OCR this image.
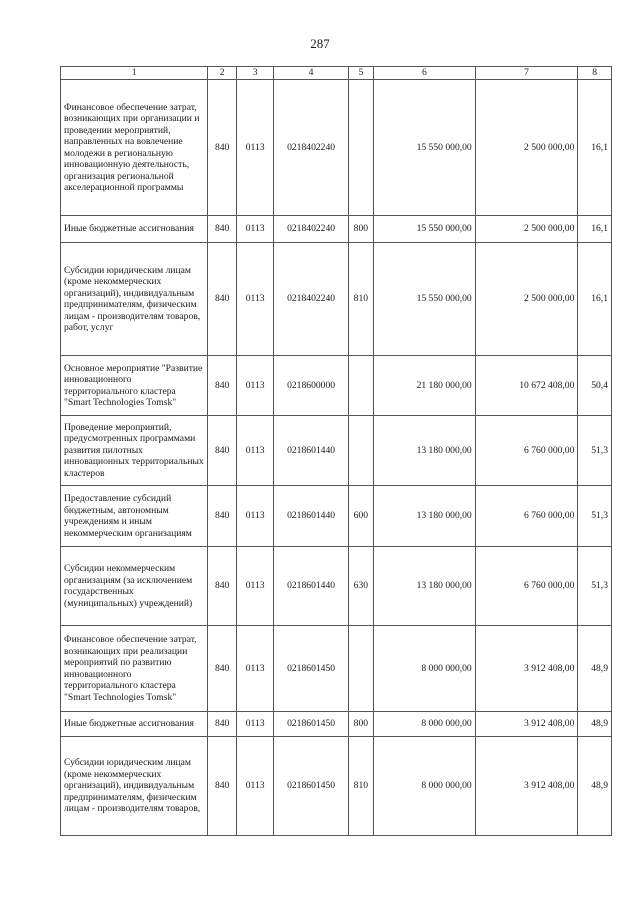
287
1	2	3	4	5	6	7	8
Финансовое обеспечение затрат, возникающих при организации и проведении мероприятий, направленных на вовлечение молодежи в региональную инновационную деятельность, организация региональной акселерационной программы	840	0113	0218402240		15 550 000,00	2 500 000,00	16,1
Иные бюджетные ассигнования	840	0113	0218402240	800	15 550 000,00	2 500 000,00	16,1
Субсидии юридическим лицам (кроме некоммерческих организаций), индивидуальным предпринимателям, физическим лицам - производителям товаров, работ, услуг	840	0113	0218402240	810	15 550 000,00	2 500 000,00	16,1
Основное мероприятие "Развитие инновационного территориального кластера "Smart Technologies Tomsk"	840	0113	0218600000		21 180 000,00	10 672 408,00	50,4
Проведение мероприятий, предусмотренных программами развития пилотных инновационных территориальных кластеров	840	0113	0218601440		13 180 000,00	6 760 000,00	51,3
Предоставление субсидий бюджетным, автономным учреждениям и иным некоммерческим организациям	840	0113	0218601440	600	13 180 000,00	6 760 000,00	51,3
Субсидии некоммерческим организациям (за исключением государственных (муниципальных) учреждений)	840	0113	0218601440	630	13 180 000,00	6 760 000,00	51,3
Финансовое обеспечение затрат, возникающих при реализации мероприятий по развитию инновационного территориального кластера "Smart Technologies Tomsk"	840	0113	0218601450		8 000 000,00	3 912 408,00	48,9
Иные бюджетные ассигнования	840	0113	0218601450	800	8 000 000,00	3 912 408,00	48,9
Субсидии юридическим лицам (кроме некоммерческих организаций), индивидуальным предпринимателям, физическим лицам - производителям товаров,	840	0113	0218601450	810	8 000 000,00	3 912 408,00	48,9
